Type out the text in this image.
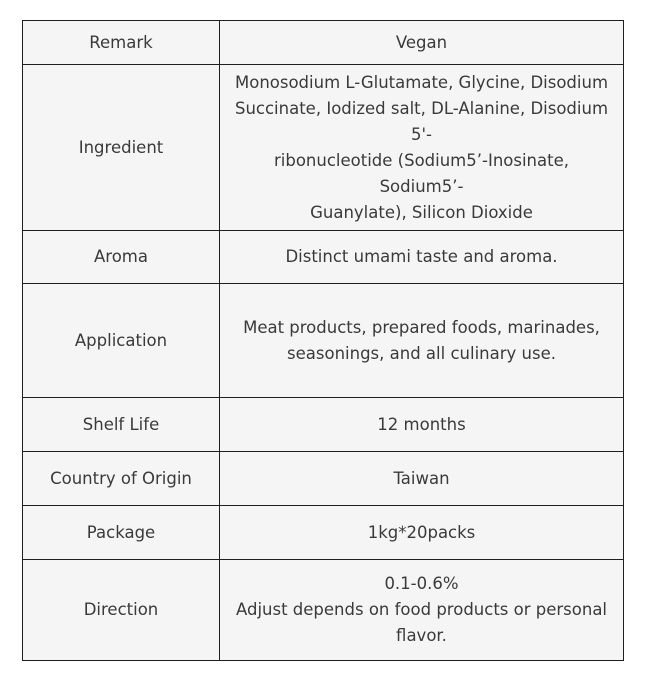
Remark	Vegan

Ingredient	Monosodium L-Glutamate, Glycine, Disodium
Succinate, Iodized salt, DL-Alanine, Disodium 5'-
ribonucleotide (Sodium5’-Inosinate, Sodium5’-
Guanylate), Silicon Dioxide

Aroma	Distinct umami taste and aroma.

Application	Meat products, prepared foods, marinades,
seasonings, and all culinary use.

Shelf Life	12 months

Country of Origin	Taiwan

Package	1kg*20packs

Direction	0.1-0.6%
Adjust depends on food products or personal
flavor.
